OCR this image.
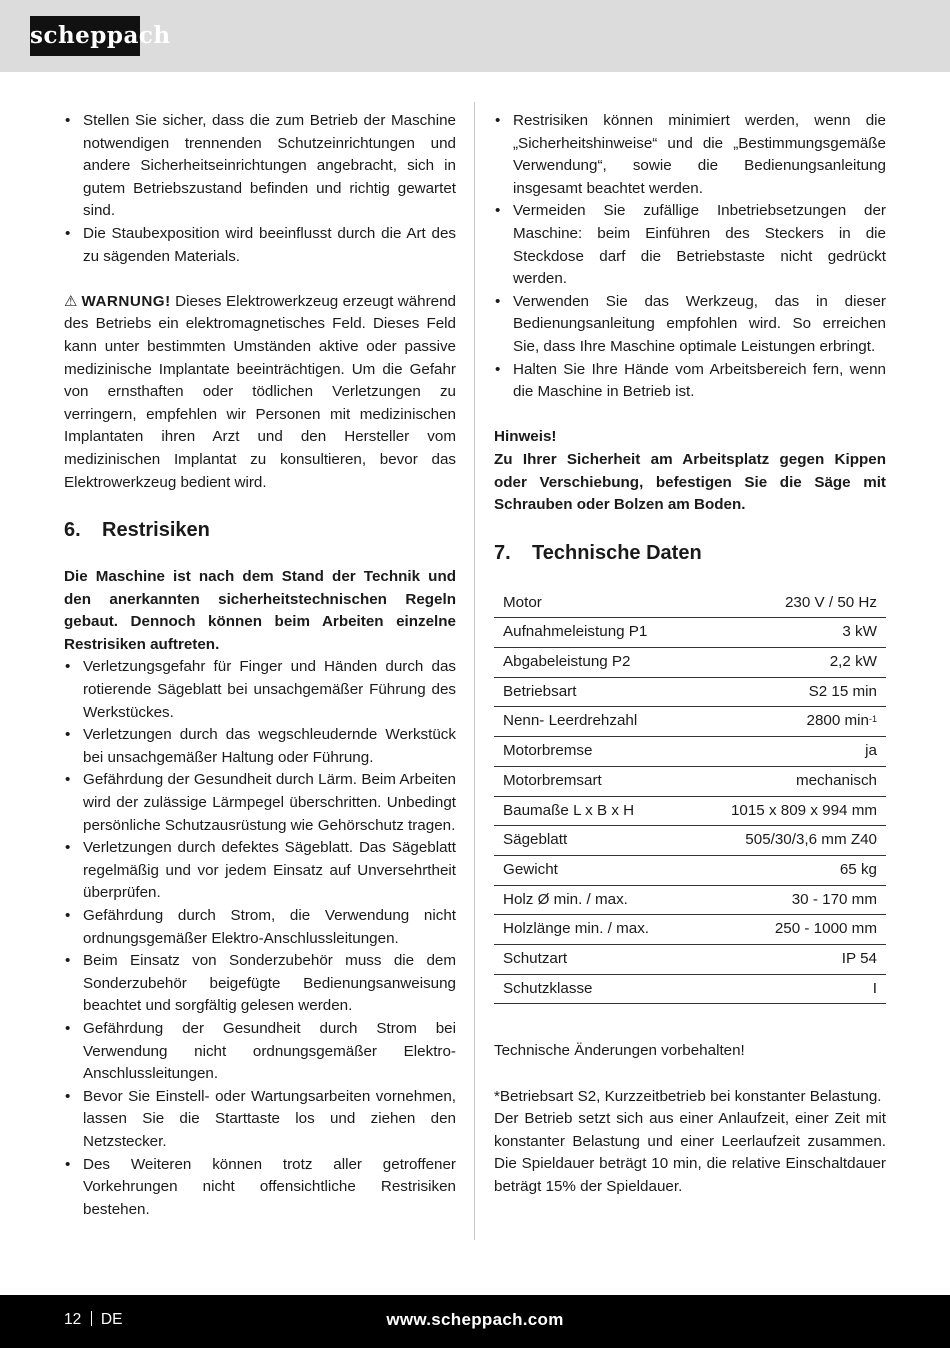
scheppach
• Stellen Sie sicher, dass die zum Betrieb der Maschine notwendigen trennenden Schutzeinrichtungen und andere Sicherheitseinrichtungen angebracht, sich in gutem Betriebszustand befinden und richtig gewartet sind.
• Die Staubexposition wird beeinflusst durch die Art des zu sägenden Materials.

⚠ WARNUNG! Dieses Elektrowerkzeug erzeugt während des Betriebs ein elektromagnetisches Feld. Dieses Feld kann unter bestimmten Umständen aktive oder passive medizinische Implantate beeinträchtigen. Um die Gefahr von ernsthaften oder tödlichen Verletzungen zu verringern, empfehlen wir Personen mit medizinischen Implantaten ihren Arzt und den Hersteller vom medizinischen Implantat zu konsultieren, bevor das Elektrowerkzeug bedient wird.

6. Restrisiken

Die Maschine ist nach dem Stand der Technik und den anerkannten sicherheitstechnischen Regeln gebaut. Dennoch können beim Arbeiten einzelne Restrisiken auftreten.

• Verletzungsgefahr für Finger und Händen durch das rotierende Sägeblatt bei unsachgemäßer Führung des Werkstückes.
• Verletzungen durch das wegschleudernde Werkstück bei unsachgemäßer Haltung oder Führung.
• Gefährdung der Gesundheit durch Lärm. Beim Arbeiten wird der zulässige Lärmpegel überschritten. Unbedingt persönliche Schutzausrüstung wie Gehörschutz tragen.
• Verletzungen durch defektes Sägeblatt. Das Sägeblatt regelmäßig und vor jedem Einsatz auf Unversehrtheit überprüfen.
• Gefährdung durch Strom, die Verwendung nicht ordnungsgemäßer Elektro-Anschlussleitungen.
• Beim Einsatz von Sonderzubehör muss die dem Sonderzubehör beigefügte Bedienungsanweisung beachtet und sorgfältig gelesen werden.
• Gefährdung der Gesundheit durch Strom bei Verwendung nicht ordnungsgemäßer Elektro-Anschlussleitungen.
• Bevor Sie Einstell- oder Wartungsarbeiten vornehmen, lassen Sie die Starttaste los und ziehen den Netzstecker.
• Des Weiteren können trotz aller getroffener Vorkehrungen nicht offensichtliche Restrisiken bestehen.
• Restrisiken können minimiert werden, wenn die „Sicherheitshinweise“ und die „Bestimmungsgemäße Verwendung“, sowie die Bedienungsanleitung insgesamt beachtet werden.
• Vermeiden Sie zufällige Inbetriebsetzungen der Maschine: beim Einführen des Steckers in die Steckdose darf die Betriebstaste nicht gedrückt werden.
• Verwenden Sie das Werkzeug, das in dieser Bedienungsanleitung empfohlen wird. So erreichen Sie, dass Ihre Maschine optimale Leistungen erbringt.
• Halten Sie Ihre Hände vom Arbeitsbereich fern, wenn die Maschine in Betrieb ist.

Hinweis!

Zu Ihrer Sicherheit am Arbeitsplatz gegen Kippen oder Verschiebung, befestigen Sie die Säge mit Schrauben oder Bolzen am Boden.

7. Technische Daten
Motor	230 V / 50 Hz
Aufnahmeleistung P1	3 kW
Abgabeleistung P2	2,2 kW
Betriebsart	S2 15 min
Nenn- Leerdrehzahl	2800 $\min^{-1}$
Motorbremse	ja
Motorbremsart	mechanisch
Baumaße L x B x H	1015 x 809 x 994 mm
Sägeblatt	505/30/3,6 mm Z40
Gewicht	65 kg
Holz Ø min. / max.	30 - 170 mm
Holzlänge min. / max.	250 - 1000 mm
Schutzart	IP 54
Schutzklasse	I

Technische Änderungen vorbehalten!

*Betriebsart S2, Kurzzeitbetrieb bei konstanter Belastung.

Der Betrieb setzt sich aus einer Anlaufzeit, einer Zeit mit konstanter Belastung und einer Leerlaufzeit zusammen. Die Spieldauer beträgt 10 min, die relative Einschaltdauer beträgt 15% der Spieldauer.

12 DE	www.scheppach.com
